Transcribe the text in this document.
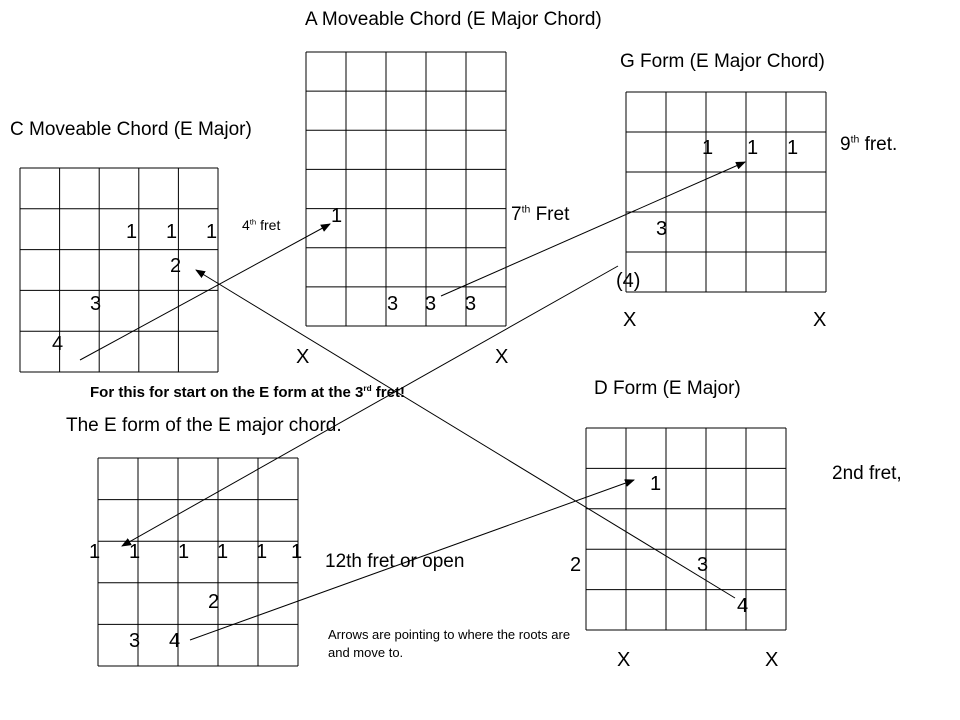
A Moveable Chord (E Major Chord)
G Form (E Major Chord)
C Moveable Chord (E Major)
D Form (E Major)
The E form of the E major chord.
4th fret	7th Fret
9th fret.
2nd fret,
12th fret or open
For this for start on the E form at the 3rd fret!
Arrows are pointing to where the roots are and move to.
1 1 1
2
3
4
1
3 3 3
X	X
1 1 1
3
(4)
X	X
1
2	3
4
X	X
1 1 1 1 1 1
2
3 4
